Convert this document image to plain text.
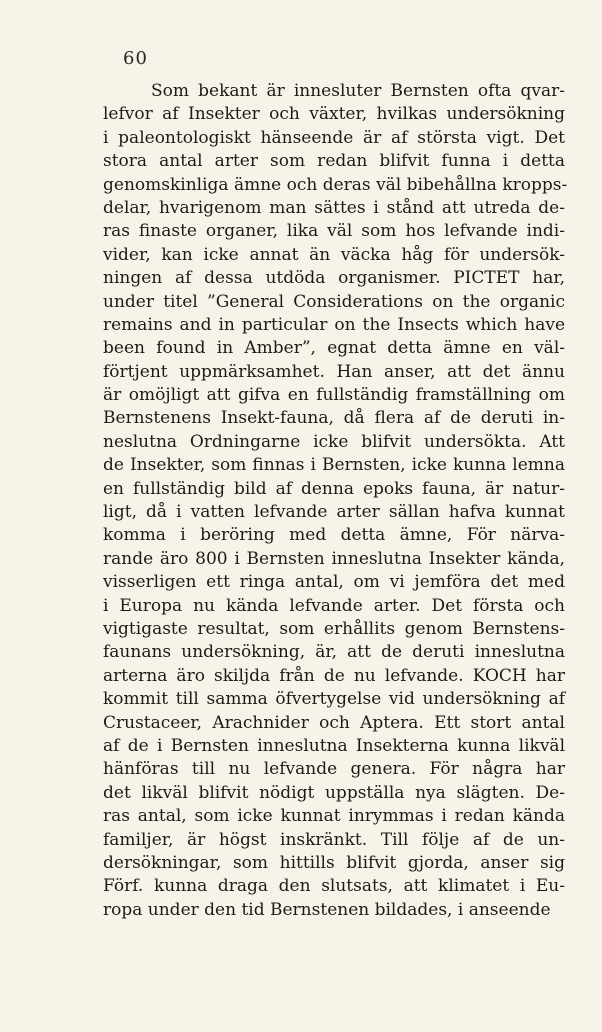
60
Som bekant är innesluter Bernsten ofta qvar-
lefvor af Insekter och växter, hvilkas undersökning
i paleontologiskt hänseende är af största vigt. Det
stora antal arter som redan blifvit funna i detta
genomskinliga ämne och deras väl bibehållna kropps-
delar, hvarigenom man sättes i stånd att utreda de-
ras finaste organer, lika väl som hos lefvande indi-
vider, kan icke annat än väcka håg för undersök-
ningen af dessa utdöda organismer. PICTET har,
under titel ”General Considerations on the organic
remains and in particular on the Insects which have
been found in Amber”, egnat detta ämne en väl-
förtjent uppmärksamhet. Han anser, att det ännu
är omöjligt att gifva en fullständig framställning om
Bernstenens Insekt-fauna, då flera af de deruti in-
neslutna Ordningarne icke blifvit undersökta. Att
de Insekter, som finnas i Bernsten, icke kunna lemna
en fullständig bild af denna epoks fauna, är natur-
ligt, då i vatten lefvande arter sällan hafva kunnat
komma i beröring med detta ämne, För närva-
rande äro 800 i Bernsten inneslutna Insekter kända,
visserligen ett ringa antal, om vi jemföra det med
i Europa nu kända lefvande arter. Det första och
vigtigaste resultat, som erhållits genom Bernstens-
faunans undersökning, är, att de deruti inneslutna
arterna äro skiljda från de nu lefvande. KOCH har
kommit till samma öfvertygelse vid undersökning af
Crustaceer, Arachnider och Aptera. Ett stort antal
af de i Bernsten inneslutna Insekterna kunna likväl
hänföras till nu lefvande genera. För några har
det likväl blifvit nödigt uppställa nya slägten. De-
ras antal, som icke kunnat inrymmas i redan kända
familjer, är högst inskränkt. Till följe af de un-
dersökningar, som hittills blifvit gjorda, anser sig
Förf. kunna draga den slutsats, att klimatet i Eu-
ropa under den tid Bernstenen bildades, i anseende
